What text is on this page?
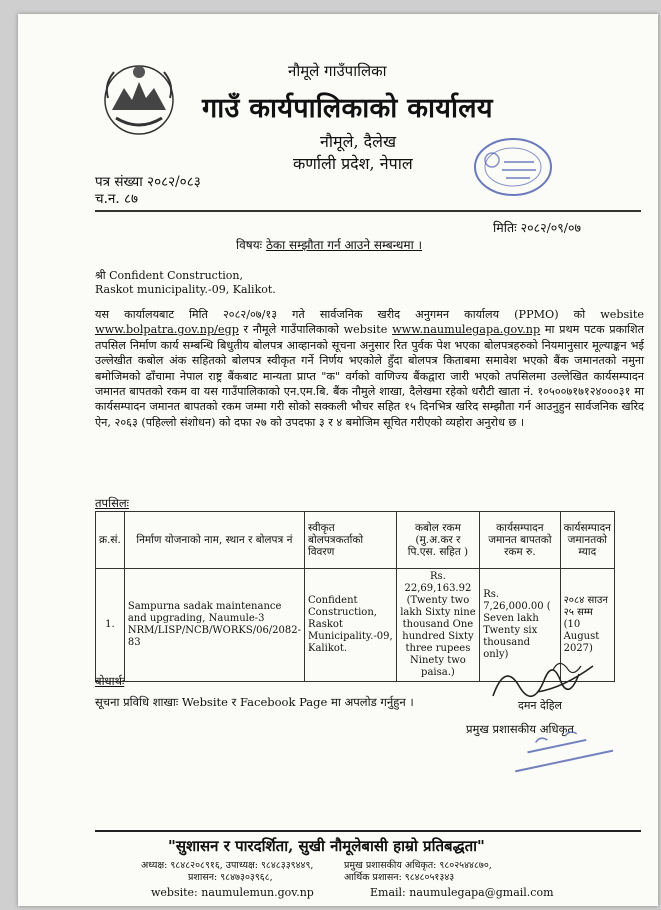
नौमूले गाउँपालिका
गाउँ कार्यपालिकाको कार्यालय
नौमूले, दैलेख
कर्णाली प्रदेश, नेपाल
पत्र संख्या २०८२/०८३
च.न. ८७
मितिः २०८२/०९/०७
विषयः ठेका सम्झौता गर्न आउने सम्बन्धमा ।
श्री Confident Construction,
Raskot municipality.-09, Kalikot.
यस कार्यालयबाट मिति २०८२/०७/१३ गते सार्वजनिक खरीद अनुगमन कार्यालय (PPMO) को website www.bolpatra.gov.np/egp र नौमूले गाउँपालिकाको website www.naumulegapa.gov.np मा प्रथम पटक प्रकाशित तपसिल निर्माण कार्य सम्बन्धि बिधुतीय बोलपत्र आव्हानको सूचना अनुसार रित पुर्वक पेश भएका बोलपत्रहरुको नियमानुसार मूल्याङ्कन भई उल्लेखीत कबोल अंक सहितको बोलपत्र स्वीकृत गर्ने निर्णय भएकोले हुँदा बोलपत्र किताबमा समावेश भएको बैंक जमानतको नमुना बमोजिमको ढाँचामा नेपाल राष्ट्र बैंकबाट मान्यता प्राप्त "क" वर्गको वाणिज्य बैंकद्वारा जारी भएको तपसिलमा उल्लेखित कार्यसम्पादन जमानत बापतको रकम वा यस गाउँपालिकाको एन.एम.बि. बैंक नौमुले शाखा, दैलेखमा रहेको धरौटी खाता नं. १०५००७१७१२४०००३१ मा कार्यसम्पादन जमानत बापतको रकम जम्मा गरी सोको सक्कली भौचर सहित १५ दिनभित्र खरिद सम्झौता गर्न आउनुहुन सार्वजनिक खरिद ऐन, २०६३ (पहिल्लो संशोधन) को दफा २७ को उपदफा ३ र ४ बमोजिम सूचित गरीएको व्यहोरा अनुरोध छ ।
तपसिलः
क्र.सं.	निर्माण योजनाको नाम, स्थान र बोलपत्र नं	स्वीकृत बोलपत्रकर्ताको विवरण	कबोल रकम (मु.अ.कर र पि.एस. सहित )	कार्यसम्पादन जमानत बापतको रकम रु.	कार्यसम्पादन जमानतको म्याद
1.	Sampurna sadak maintenance and upgrading, Naumule-3 NRM/LISP/NCB/WORKS/06/2082-83	Confident Construction, Raskot Municipality.-09, Kalikot.	Rs. 22,69,163.92 (Twenty two lakh Sixty nine thousand One hundred Sixty three rupees Ninety two paisa.)	Rs. 7,26,000.00 ( Seven lakh Twenty six thousand only)	२०८४ साउन २५ सम्म
(10 August 2027)
बोधार्थः
सूचना प्रविधि शाखाः Website र Facebook Page मा अपलोड गर्नुहुन ।	दमन देहिल
प्रमुख प्रशासकीय अधिकृत
"सुशासन र पारदर्शिता, सुखी नौमूलेबासी हाम्रो प्रतिबद्धता"
अध्यक्ष: ९८४८२०८९१६, उपाध्यक्ष: ९८४८३३९४४९,	प्रमुख प्रशासकीय अधिकृत: ९८०२५४४८७०,
प्रशासन: ९८४७३०३९६८,	आर्थिक प्रशासन: ९८४८०५१३४३
website: naumulemun.gov.np	Email: naumulegapa@gmail.com
